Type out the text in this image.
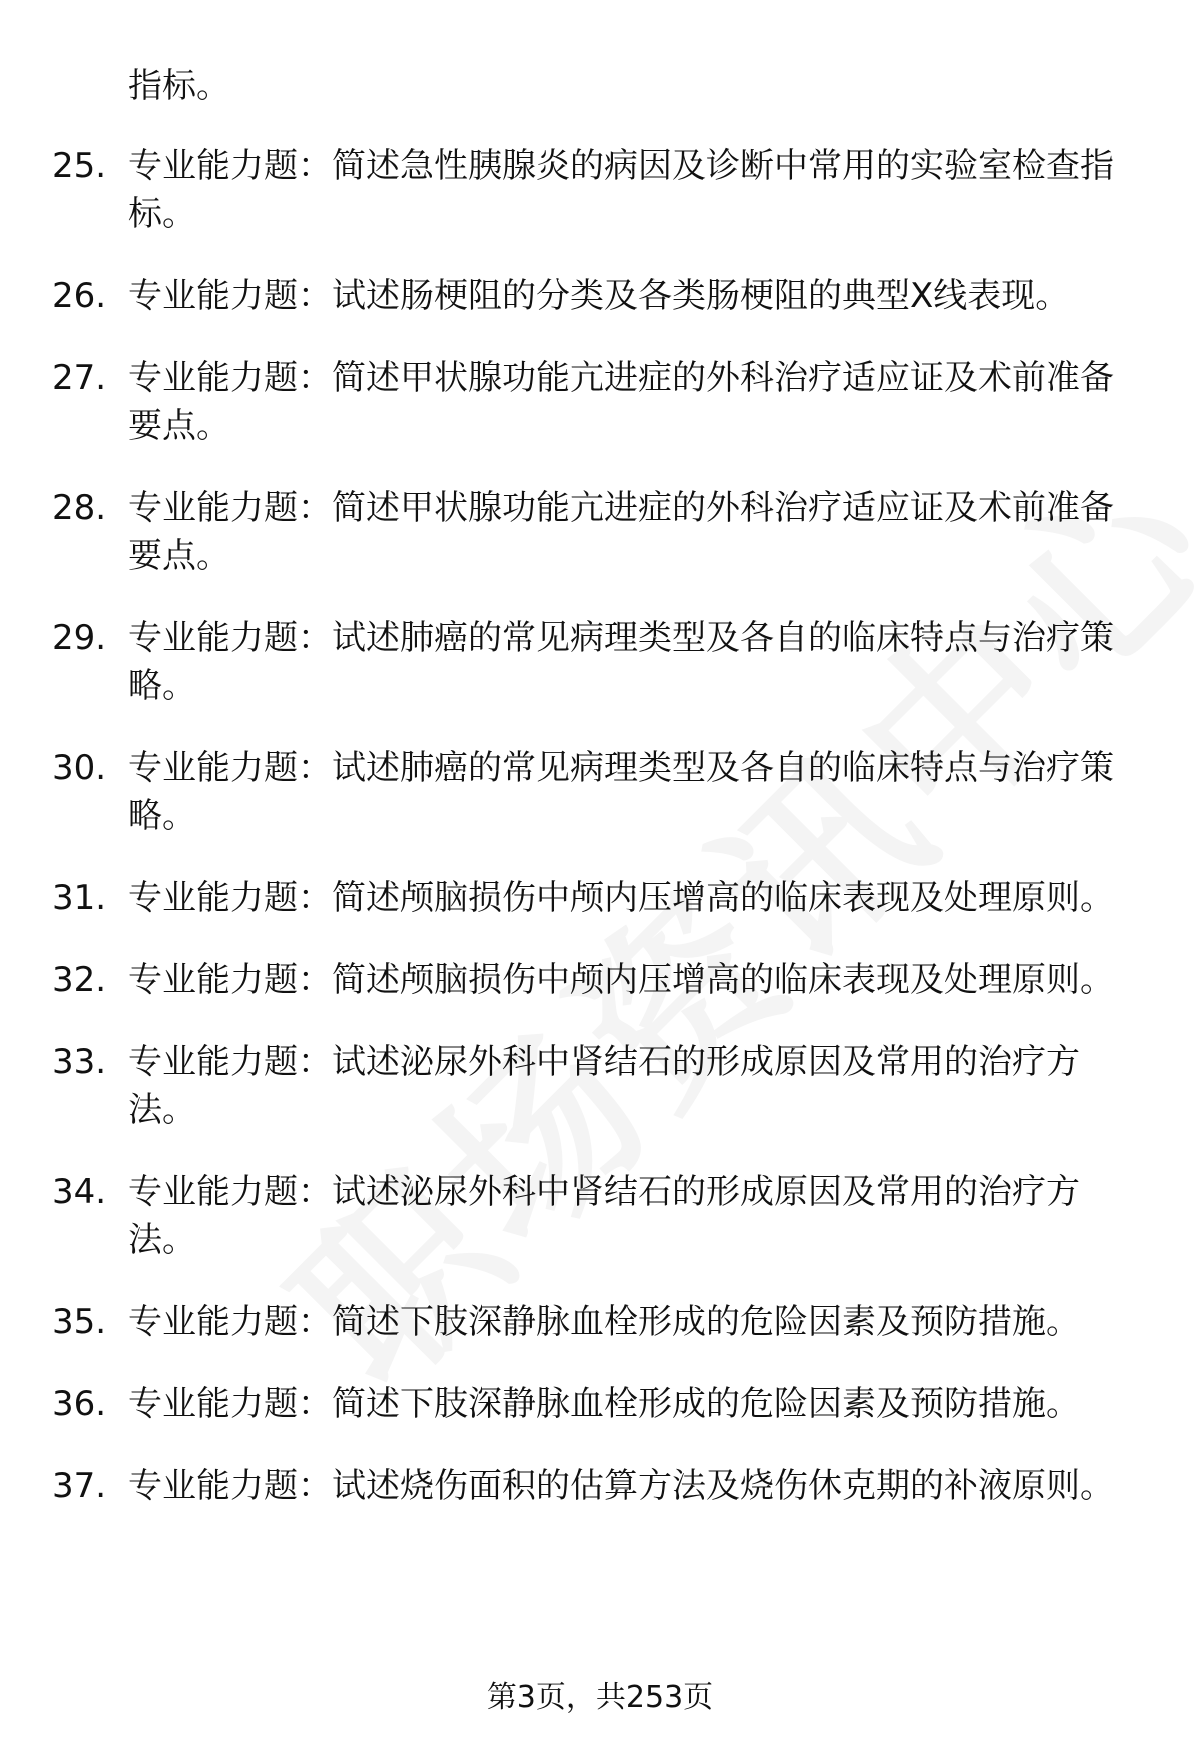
指标。
25. 专业能力题：简述急性胰腺炎的病因及诊断中常用的实验室检查指标。
26. 专业能力题：试述肠梗阻的分类及各类肠梗阻的典型X线表现。
27. 专业能力题：简述甲状腺功能亢进症的外科治疗适应证及术前准备要点。
28. 专业能力题：简述甲状腺功能亢进症的外科治疗适应证及术前准备要点。
29. 专业能力题：试述肺癌的常见病理类型及各自的临床特点与治疗策略。
30. 专业能力题：试述肺癌的常见病理类型及各自的临床特点与治疗策略。
31. 专业能力题：简述颅脑损伤中颅内压增高的临床表现及处理原则。
32. 专业能力题：简述颅脑损伤中颅内压增高的临床表现及处理原则。
33. 专业能力题：试述泌尿外科中肾结石的形成原因及常用的治疗方法。
34. 专业能力题：试述泌尿外科中肾结石的形成原因及常用的治疗方法。
35. 专业能力题：简述下肢深静脉血栓形成的危险因素及预防措施。
36. 专业能力题：简述下肢深静脉血栓形成的危险因素及预防措施。
37. 专业能力题：试述烧伤面积的估算方法及烧伤休克期的补液原则。
第3页，共253页
